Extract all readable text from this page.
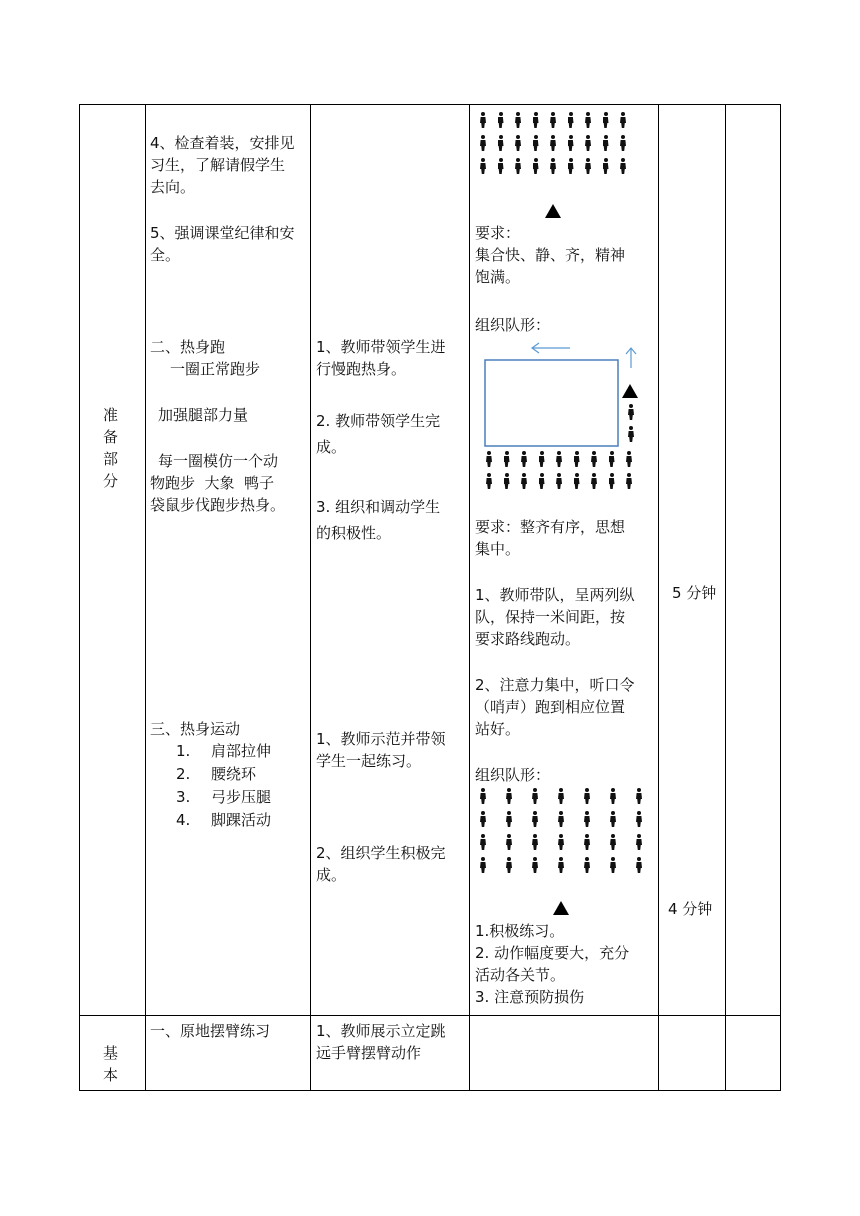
准
备
部
分
基
本
4、检查着装，安排见
习生，了解请假学生
去向。
5、强调课堂纪律和安
全。
二、热身跑
一圈正常跑步
加强腿部力量
每一圈模仿一个动
物跑步  大象  鸭子
袋鼠步伐跑步热身。
三、热身运动
1. 肩部拉伸
2. 腰绕环
3. 弓步压腿
4. 脚踝活动
一、原地摆臂练习
1、教师带领学生进
行慢跑热身。
2. 教师带领学生完
成。
3. 组织和调动学生
的积极性。
1、教师示范并带领
学生一起练习。
2、组织学生积极完
成。
1、教师展示立定跳
远手臂摆臂动作
要求：
集合快、静、齐，精神
饱满。
组织队形：
要求：整齐有序，思想
集中。
1、教师带队，呈两列纵
队，保持一米间距，按
要求路线跑动。
2、注意力集中，听口令
（哨声）跑到相应位置
站好。
组织队形：
1.积极练习。
2. 动作幅度要大，充分
活动各关节。
3. 注意预防损伤
5 分钟
4 分钟
